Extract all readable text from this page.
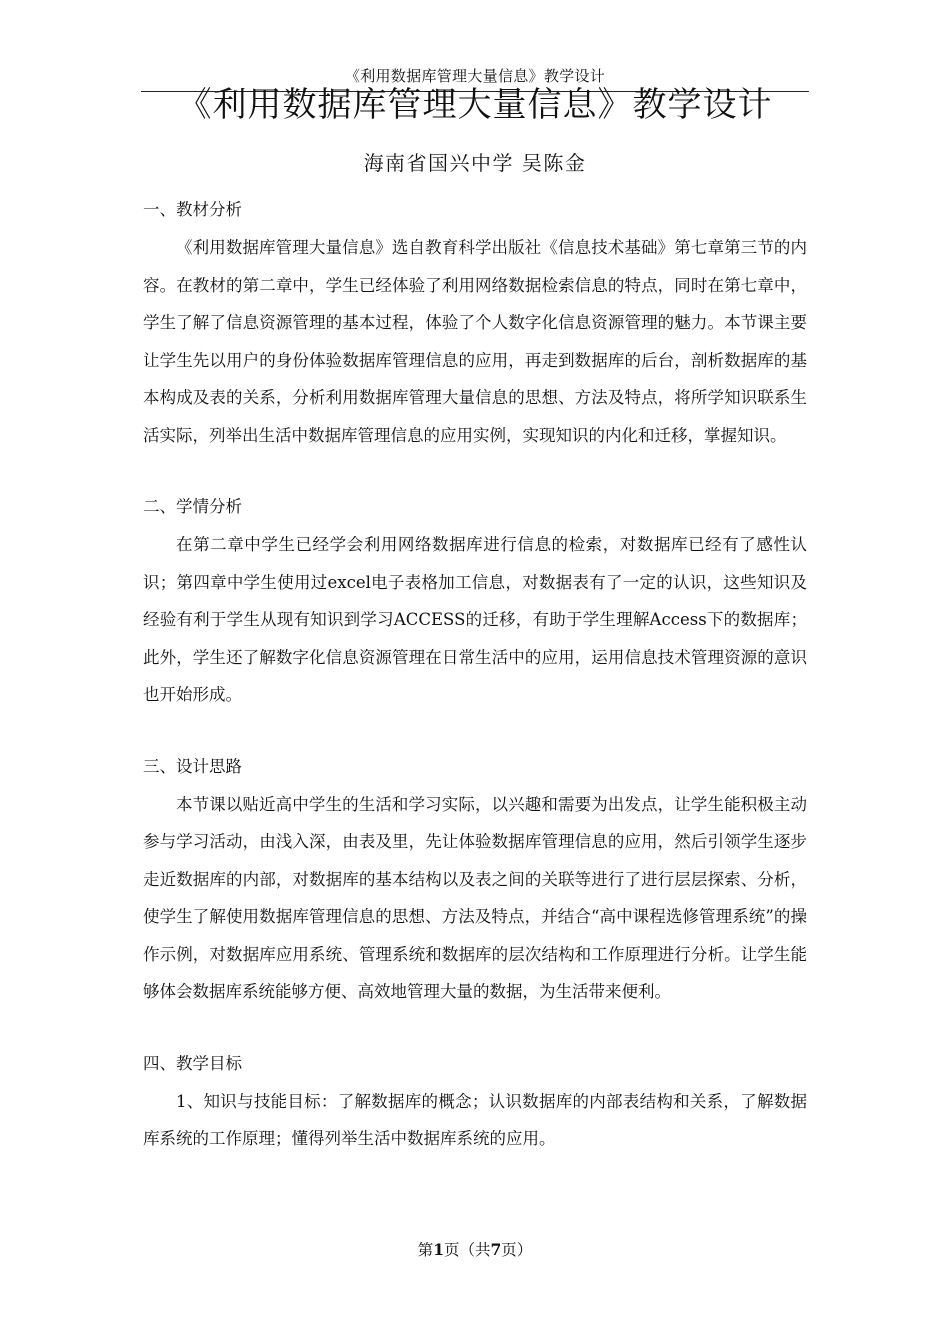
《利用数据库管理大量信息》教学设计
《利用数据库管理大量信息》教学设计
海南省国兴中学 吴陈金
一、教材分析

《利用数据库管理大量信息》选自教育科学出版社《信息技术基础》第七章第三节的内容。在教材的第二章中，学生已经体验了利用网络数据检索信息的特点，同时在第七章中，学生了解了信息资源管理的基本过程，体验了个人数字化信息资源管理的魅力。本节课主要让学生先以用户的身份体验数据库管理信息的应用，再走到数据库的后台，剖析数据库的基本构成及表的关系，分析利用数据库管理大量信息的思想、方法及特点，将所学知识联系生活实际，列举出生活中数据库管理信息的应用实例，实现知识的内化和迁移，掌握知识。

二、学情分析

在第二章中学生已经学会利用网络数据库进行信息的检索，对数据库已经有了感性认识；第四章中学生使用过excel电子表格加工信息，对数据表有了一定的认识，这些知识及经验有利于学生从现有知识到学习ACCESS的迁移，有助于学生理解Access下的数据库；此外，学生还了解数字化信息资源管理在日常生活中的应用，运用信息技术管理资源的意识也开始形成。

三、设计思路

本节课以贴近高中学生的生活和学习实际，以兴趣和需要为出发点，让学生能积极主动参与学习活动，由浅入深，由表及里，先让体验数据库管理信息的应用，然后引领学生逐步走近数据库的内部，对数据库的基本结构以及表之间的关联等进行了进行层层探索、分析，使学生了解使用数据库管理信息的思想、方法及特点，并结合“高中课程选修管理系统”的操作示例，对数据库应用系统、管理系统和数据库的层次结构和工作原理进行分析。让学生能够体会数据库系统能够方便、高效地管理大量的数据，为生活带来便利。

四、教学目标

1、知识与技能目标：了解数据库的概念；认识数据库的内部表结构和关系，了解数据库系统的工作原理；懂得列举生活中数据库系统的应用。

第1页（共7页）
